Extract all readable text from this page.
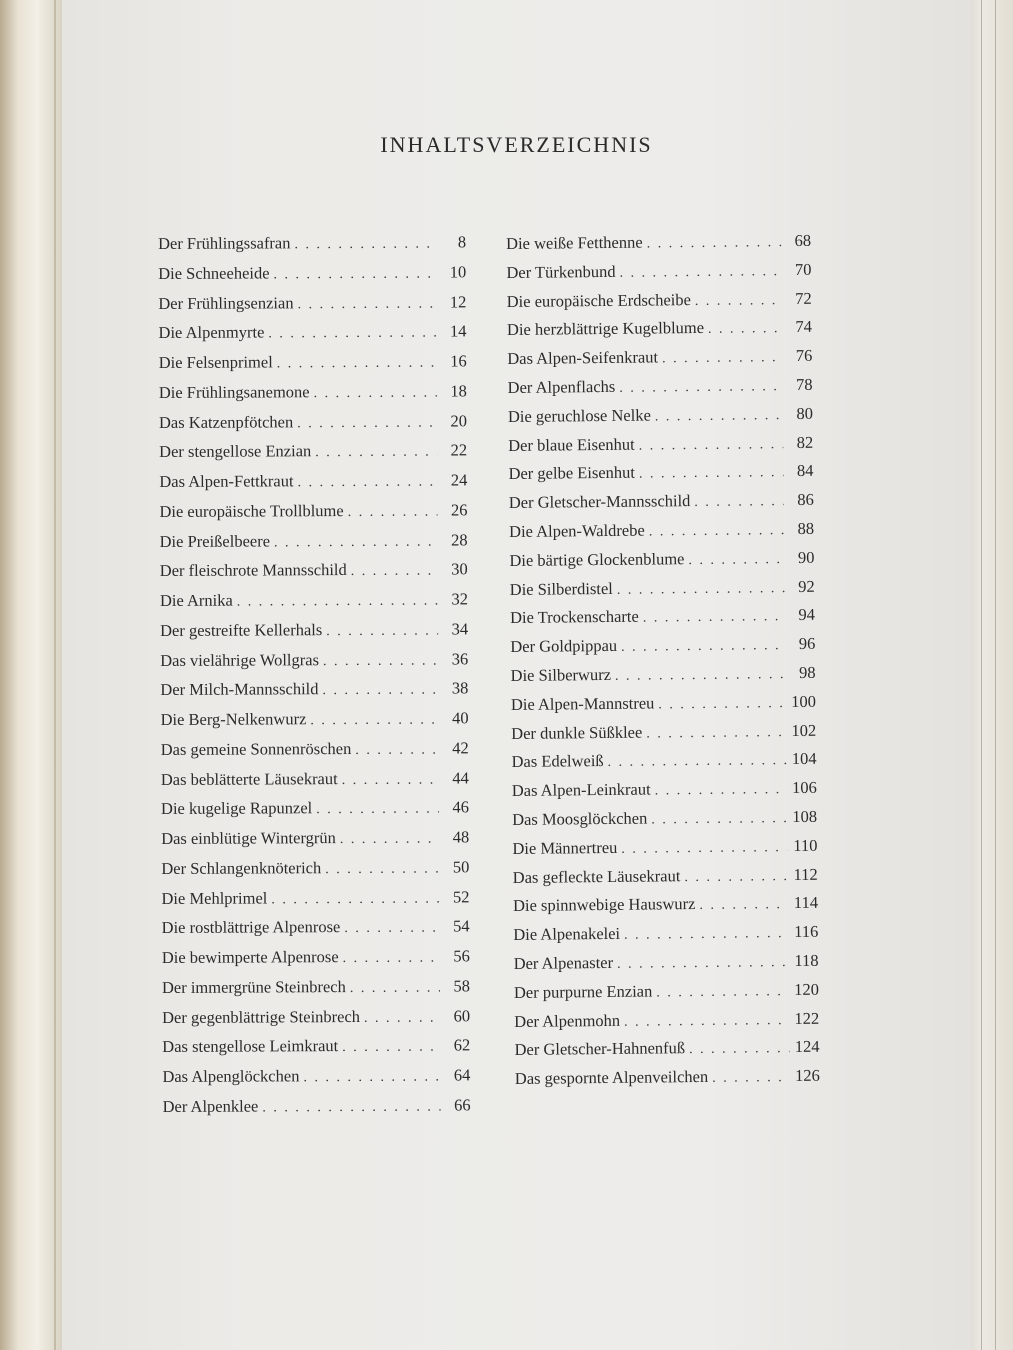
INHALTSVERZEICHNIS
Der Frühlingssafran . . .	8
Die Schneeheide . . .	10
Der Frühlingsenzian . . .	12
Die Alpenmyrte . . .	14
Die Felsenprimel . . .	16
Die Frühlingsanemone . . .	18
Das Katzenpfötchen . . .	20
Der stengellose Enzian . . .	22
Das Alpen-Fettkraut . . .	24
Die europäische Trollblume . . .	26
Die Preißelbeere . . .	28
Der fleischrote Mannsschild . . .	30
Die Arnika . . .	32
Der gestreifte Kellerhals . . .	34
Das vielährige Wollgras . . .	36
Der Milch-Mannsschild . . .	38
Die Berg-Nelkenwurz . . .	40
Das gemeine Sonnenröschen . . .	42
Das beblätterte Läusekraut . . .	44
Die kugelige Rapunzel . . .	46
Das einblütige Wintergrün . . .	48
Der Schlangenknöterich . . .	50
Die Mehlprimel . . .	52
Die rostblättrige Alpenrose . . .	54
Die bewimperte Alpenrose . . .	56
Der immergrüne Steinbrech . . .	58
Der gegenblättrige Steinbrech . . .	60
Das stengellose Leimkraut . . .	62
Das Alpenglöckchen . . .	64
Der Alpenklee . . .	66
Die weiße Fetthenne . . .	68
Der Türkenbund . . .	70
Die europäische Erdscheibe . . .	72
Die herzblättrige Kugelblume . . .	74
Das Alpen-Seifenkraut . . .	76
Der Alpenflachs . . .	78
Die geruchlose Nelke . . .	80
Der blaue Eisenhut . . .	82
Der gelbe Eisenhut . . .	84
Der Gletscher-Mannsschild . . .	86
Die Alpen-Waldrebe . . .	88
Die bärtige Glockenblume . . .	90
Die Silberdistel . . .	92
Die Trockenscharte . . .	94
Der Goldpippau . . .	96
Die Silberwurz . . .	98
Die Alpen-Mannstreu . . .	100
Der dunkle Süßklee . . .	102
Das Edelweiß . . .	104
Das Alpen-Leinkraut . . .	106
Das Moosglöckchen . . .	108
Die Männertreu . . .	110
Das gefleckte Läusekraut . . .	112
Die spinnwebige Hauswurz . . .	114
Die Alpenakelei . . .	116
Der Alpenaster . . .	118
Der purpurne Enzian . . .	120
Der Alpenmohn . . .	122
Der Gletscher-Hahnenfuß . . .	124
Das gespornte Alpenveilchen . . .	126
